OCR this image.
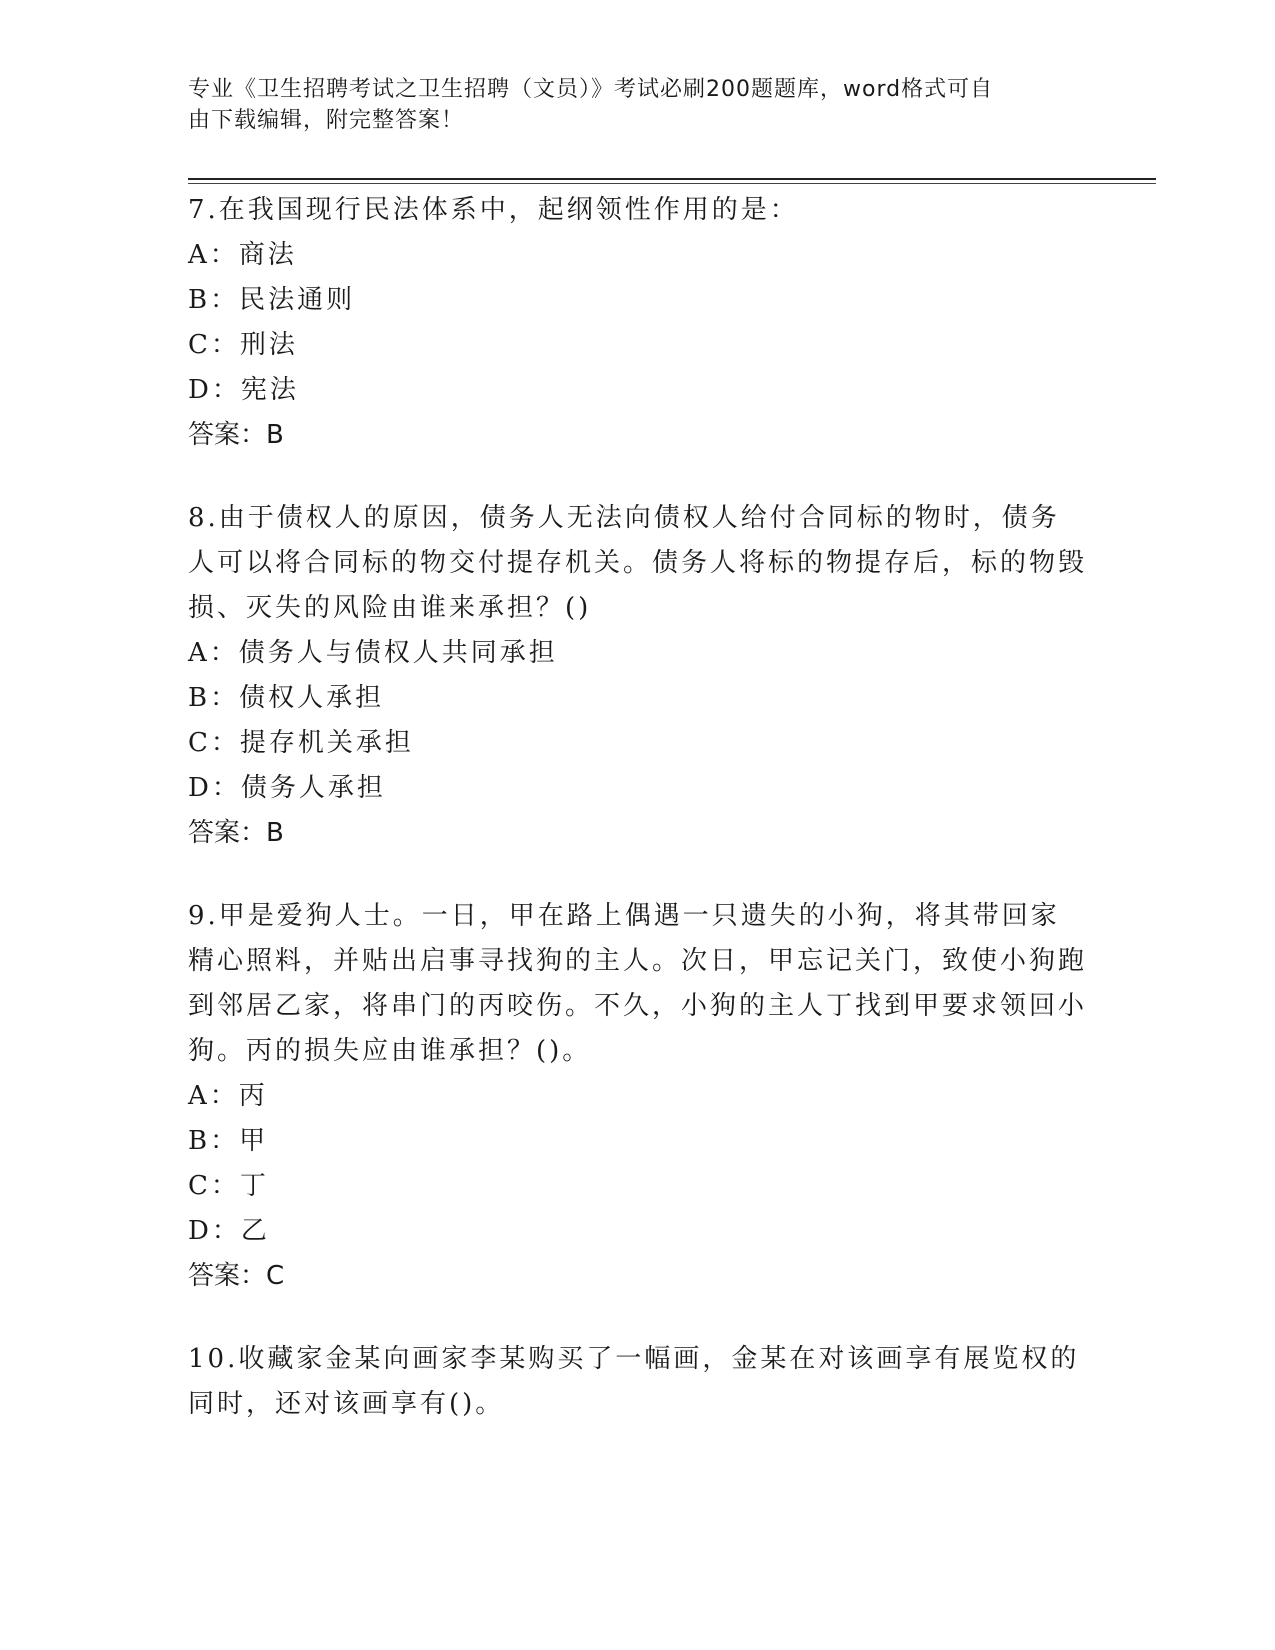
专业《卫生招聘考试之卫生招聘（文员）》考试必刷200题题库，word格式可自
由下载编辑，附完整答案！

7.在我国现行民法体系中，起纲领性作用的是：

A：商法

B：民法通则

C：刑法

D：宪法

答案：B

8.由于债权人的原因，债务人无法向债权人给付合同标的物时，债务人可以将合同标的物交付提存机关。债务人将标的物提存后，标的物毁损、灭失的风险由谁来承担？()

A：债务人与债权人共同承担

B：债权人承担

C：提存机关承担

D：债务人承担

答案：B

9.甲是爱狗人士。一日，甲在路上偶遇一只遗失的小狗，将其带回家精心照料，并贴出启事寻找狗的主人。次日，甲忘记关门，致使小狗跑到邻居乙家，将串门的丙咬伤。不久，小狗的主人丁找到甲要求领回小狗。丙的损失应由谁承担？()。

A：丙

B：甲

C：丁

D：乙

答案：C

10.收藏家金某向画家李某购买了一幅画，金某在对该画享有展览权的同时，还对该画享有()。
